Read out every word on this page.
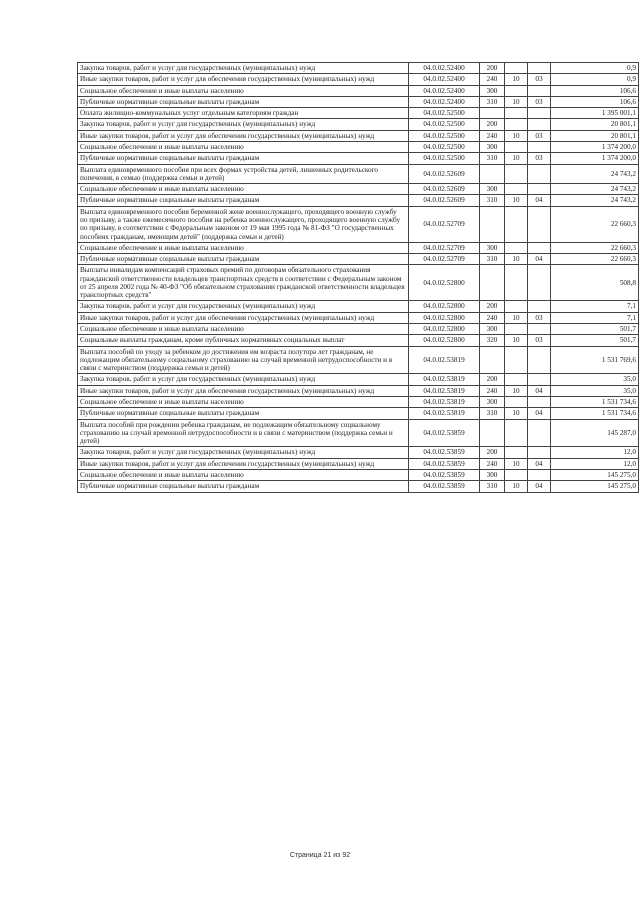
Закупка товаров, работ и услуг для государственных (муниципальных) нужд	04.0.02.52400	200			0,9
Иные закупки товаров, работ и услуг для обеспечения государственных (муниципальных) нужд	04.0.02.52400	240	10	03	0,9
Социальное обеспечение и иные выплаты населению	04.0.02.52400	300			106,6
Публичные нормативные социальные выплаты гражданам	04.0.02.52400	310	10	03	106,6
Оплата жилищно-коммунальных услуг отдельным категориям граждан	04.0.02.52500				1 395 001,1
Закупка товаров, работ и услуг для государственных (муниципальных) нужд	04.0.02.52500	200			20 801,1
Иные закупки товаров, работ и услуг для обеспечения государственных (муниципальных) нужд	04.0.02.52500	240	10	03	20 801,1
Социальное обеспечение и иные выплаты населению	04.0.02.52500	300			1 374 200,0
Публичные нормативные социальные выплаты гражданам	04.0.02.52500	310	10	03	1 374 200,0
Выплата единовременного пособия при всех формах устройства детей, лишенных родительского попечения, в семью (поддержка семьи и детей)	04.0.02.52609				24 743,2
Социальное обеспечение и иные выплаты населению	04.0.02.52609	300			24 743,2
Публичные нормативные социальные выплаты гражданам	04.0.02.52609	310	10	04	24 743,2
Выплата единовременного пособия беременной жене военнослужащего, проходящего военную службу по призыву, а также ежемесячного пособия на ребенка военнослужащего, проходящего военную службу по призыву, в соответствии с Федеральным законом от 19 мая 1995 года № 81-ФЗ "О государственных пособиях гражданам, имеющим детей" (поддержка семьи и детей)	04.0.02.52709				22 660,3
Социальное обеспечение и иные выплаты населению	04.0.02.52709	300			22 660,3
Публичные нормативные социальные выплаты гражданам	04.0.02.52709	310	10	04	22 660,3
Выплаты инвалидам компенсаций страховых премий по договорам обязательного страхования гражданской ответственности владельцев транспортных средств в соответствии с Федеральным законом от 25 апреля 2002 года № 40-ФЗ "Об обязательном страховании гражданской ответственности владельцев транспортных средств"	04.0.02.52800				508,8
Закупка товаров, работ и услуг для государственных (муниципальных) нужд	04.0.02.52800	200			7,1
Иные закупки товаров, работ и услуг для обеспечения государственных (муниципальных) нужд	04.0.02.52800	240	10	03	7,1
Социальное обеспечение и иные выплаты населению	04.0.02.52800	300			501,7
Социальные выплаты гражданам, кроме публичных нормативных социальных выплат	04.0.02.52800	320	10	03	501,7
Выплата пособий по уходу за ребенком до достижения им возраста полутора лет гражданам, не подлежащим обязательному социальному страхованию на случай временной нетрудоспособности и в связи с материнством (поддержка семьи и детей)	04.0.02.53819				1 531 769,6
Закупка товаров, работ и услуг для государственных (муниципальных) нужд	04.0.02.53819	200			35,0
Иные закупки товаров, работ и услуг для обеспечения государственных (муниципальных) нужд	04.0.02.53819	240	10	04	35,0
Социальное обеспечение и иные выплаты населению	04.0.02.53819	300			1 531 734,6
Публичные нормативные социальные выплаты гражданам	04.0.02.53819	310	10	04	1 531 734,6
Выплата пособий при рождении ребенка гражданам, не подлежащим обязательному социальному страхованию на случай временной нетрудоспособности и в связи с материнством (поддержка семьи и детей)	04.0.02.53859				145 287,0
Закупка товаров, работ и услуг для государственных (муниципальных) нужд	04.0.02.53859	200			12,0
Иные закупки товаров, работ и услуг для обеспечения государственных (муниципальных) нужд	04.0.02.53859	240	10	04	12,0
Социальное обеспечение и иные выплаты населению	04.0.02.53859	300			145 275,0
Публичные нормативные социальные выплаты гражданам	04.0.02.53859	310	10	04	145 275,0
Страница 21 из 92
